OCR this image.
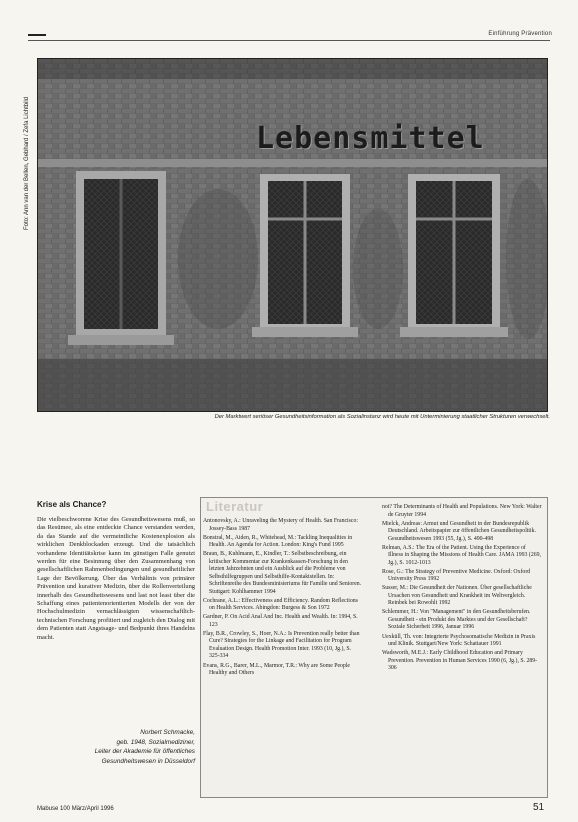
Einführung Prävention
Lebensmittel
Foto: Ann van der Bellen, Gebhard / Zefa Lichtbild
Der Marktwert seriöser Gesundheitsinformation als Sozialinstanz wird heute mit Unterminierung staatlicher Strukturen verwechselt.
Krise als Chance?
Die vielbeschworene Krise des Gesundheitswesens muß, so das Resümee, als eine entdeckte Chance verstanden werden, da das Stande auf die vermeintliche Kostenexplosion als wirklichen Denkblockaden erzeugt. Und die tatsächlich vorhandene Identitätskrise kann im günstigen Falle genutzt werden für eine Besinnung über den Zusammenhang von gesellschaftlichen Rahmenbedingungen und gesundheitlicher Lage der Bevölkerung. Über das Verhältnis von primärer Prävention und kurativer Medizin, über die Rollenverteilung innerhalb des Gesundheitswesens und last not least über die Schaffung eines patientenorientierten Modells der von der Hochschulmedizin vernachlässigten wissenschaftlich-technischen Forschung profitiert und zugleich den Dialog mit dem Patienten statt Angstsage- und Bedpunkt ihres Handelns macht.
Norbert Schmacke,
geb. 1948, Sozialmediziner,
Leiter der Akademie für öffentliches
Gesundheitswesen in Düsseldorf
Literatur

Antonovsky, A.: Unraveling the Mystery of Health. San Francisco: Jossey-Bass 1987

Bonstral, M., Aiden, R., Whitehead, M.: Tackling Inequalities in Health. An Agenda for Action. London: King's Fund 1995

Braun, B., Kuhlmann, E., Kindler, T.: Selbstbeschreibung, ein kritischer Kommentar zur Krankenkassen-Forschung in den letzten Jahrzehnten und ein Ausblick auf die Probleme von Selbsthilfegruppen und Selbsthilfe-Kontaktstellen. In: Schriftenreihe des Bundesministeriums für Familie und Senioren. Stuttgart: Kohlhammer 1994

Cochrane, A.L.: Effectiveness and Efficiency. Random Reflections on Health Services. Abingdon: Burgess & Son 1972

Gardner, P. On Acid Anal And Inc. Health and Wealth. In: 1994, S. 123

Flay, B.R., Crowley, S., Hoer, N.A.: Is Prevention really better than Cure? Strategies for the Linkage and Facilitation for Program Evaluation Design. Health Promotion Inter. 1993 (10, Jg.), S. 325-334

Evans, R.G., Barer, M.L., Marmor, T.R.: Why are Some People Healthy and Others

not? The Determinants of Health and Populations. New York: Walter de Gruyter 1994

Mielck, Andreas: Armut und Gesundheit in der Bundesrepublik Deutschland. Arbeitspapier zur öffentlichen Gesundheitspolitik. Gesundheitswesen 1993 (55, Jg.), S. 490-498

Relman, A.S.: The Era of the Patient. Using the Experience of Illness in Shaping the Missions of Health Care. JAMA 1993 (269, Jg.), S. 1012-1013

Rose, G.: The Strategy of Preventive Medicine. Oxford: Oxford University Press 1992

Susser, M.: Die Gesundheit der Nationen. Über gesellschaftliche Ursachen von Gesundheit und Krankheit im Weltvergleich. Reinbek bei Rowohlt 1992

Schlemmer, H.: Von "Management" in den Gesundheitsberufen. Gesundheit - ein Produkt des Marktes und der Gesellschaft? Soziale Sicherheit 1996, Januar 1996

Uexküll, Th. von: Integrierte Psychosomatische Medizin in Praxis und Klinik. Stuttgart/New York: Schattauer 1991

Wadsworth, M.E.J.: Early Childhood Education and Primary Prevention. Prevention in Human Services 1990 (6, Jg.), S. 289-306

Mabuse 100 März/April 1996	51
